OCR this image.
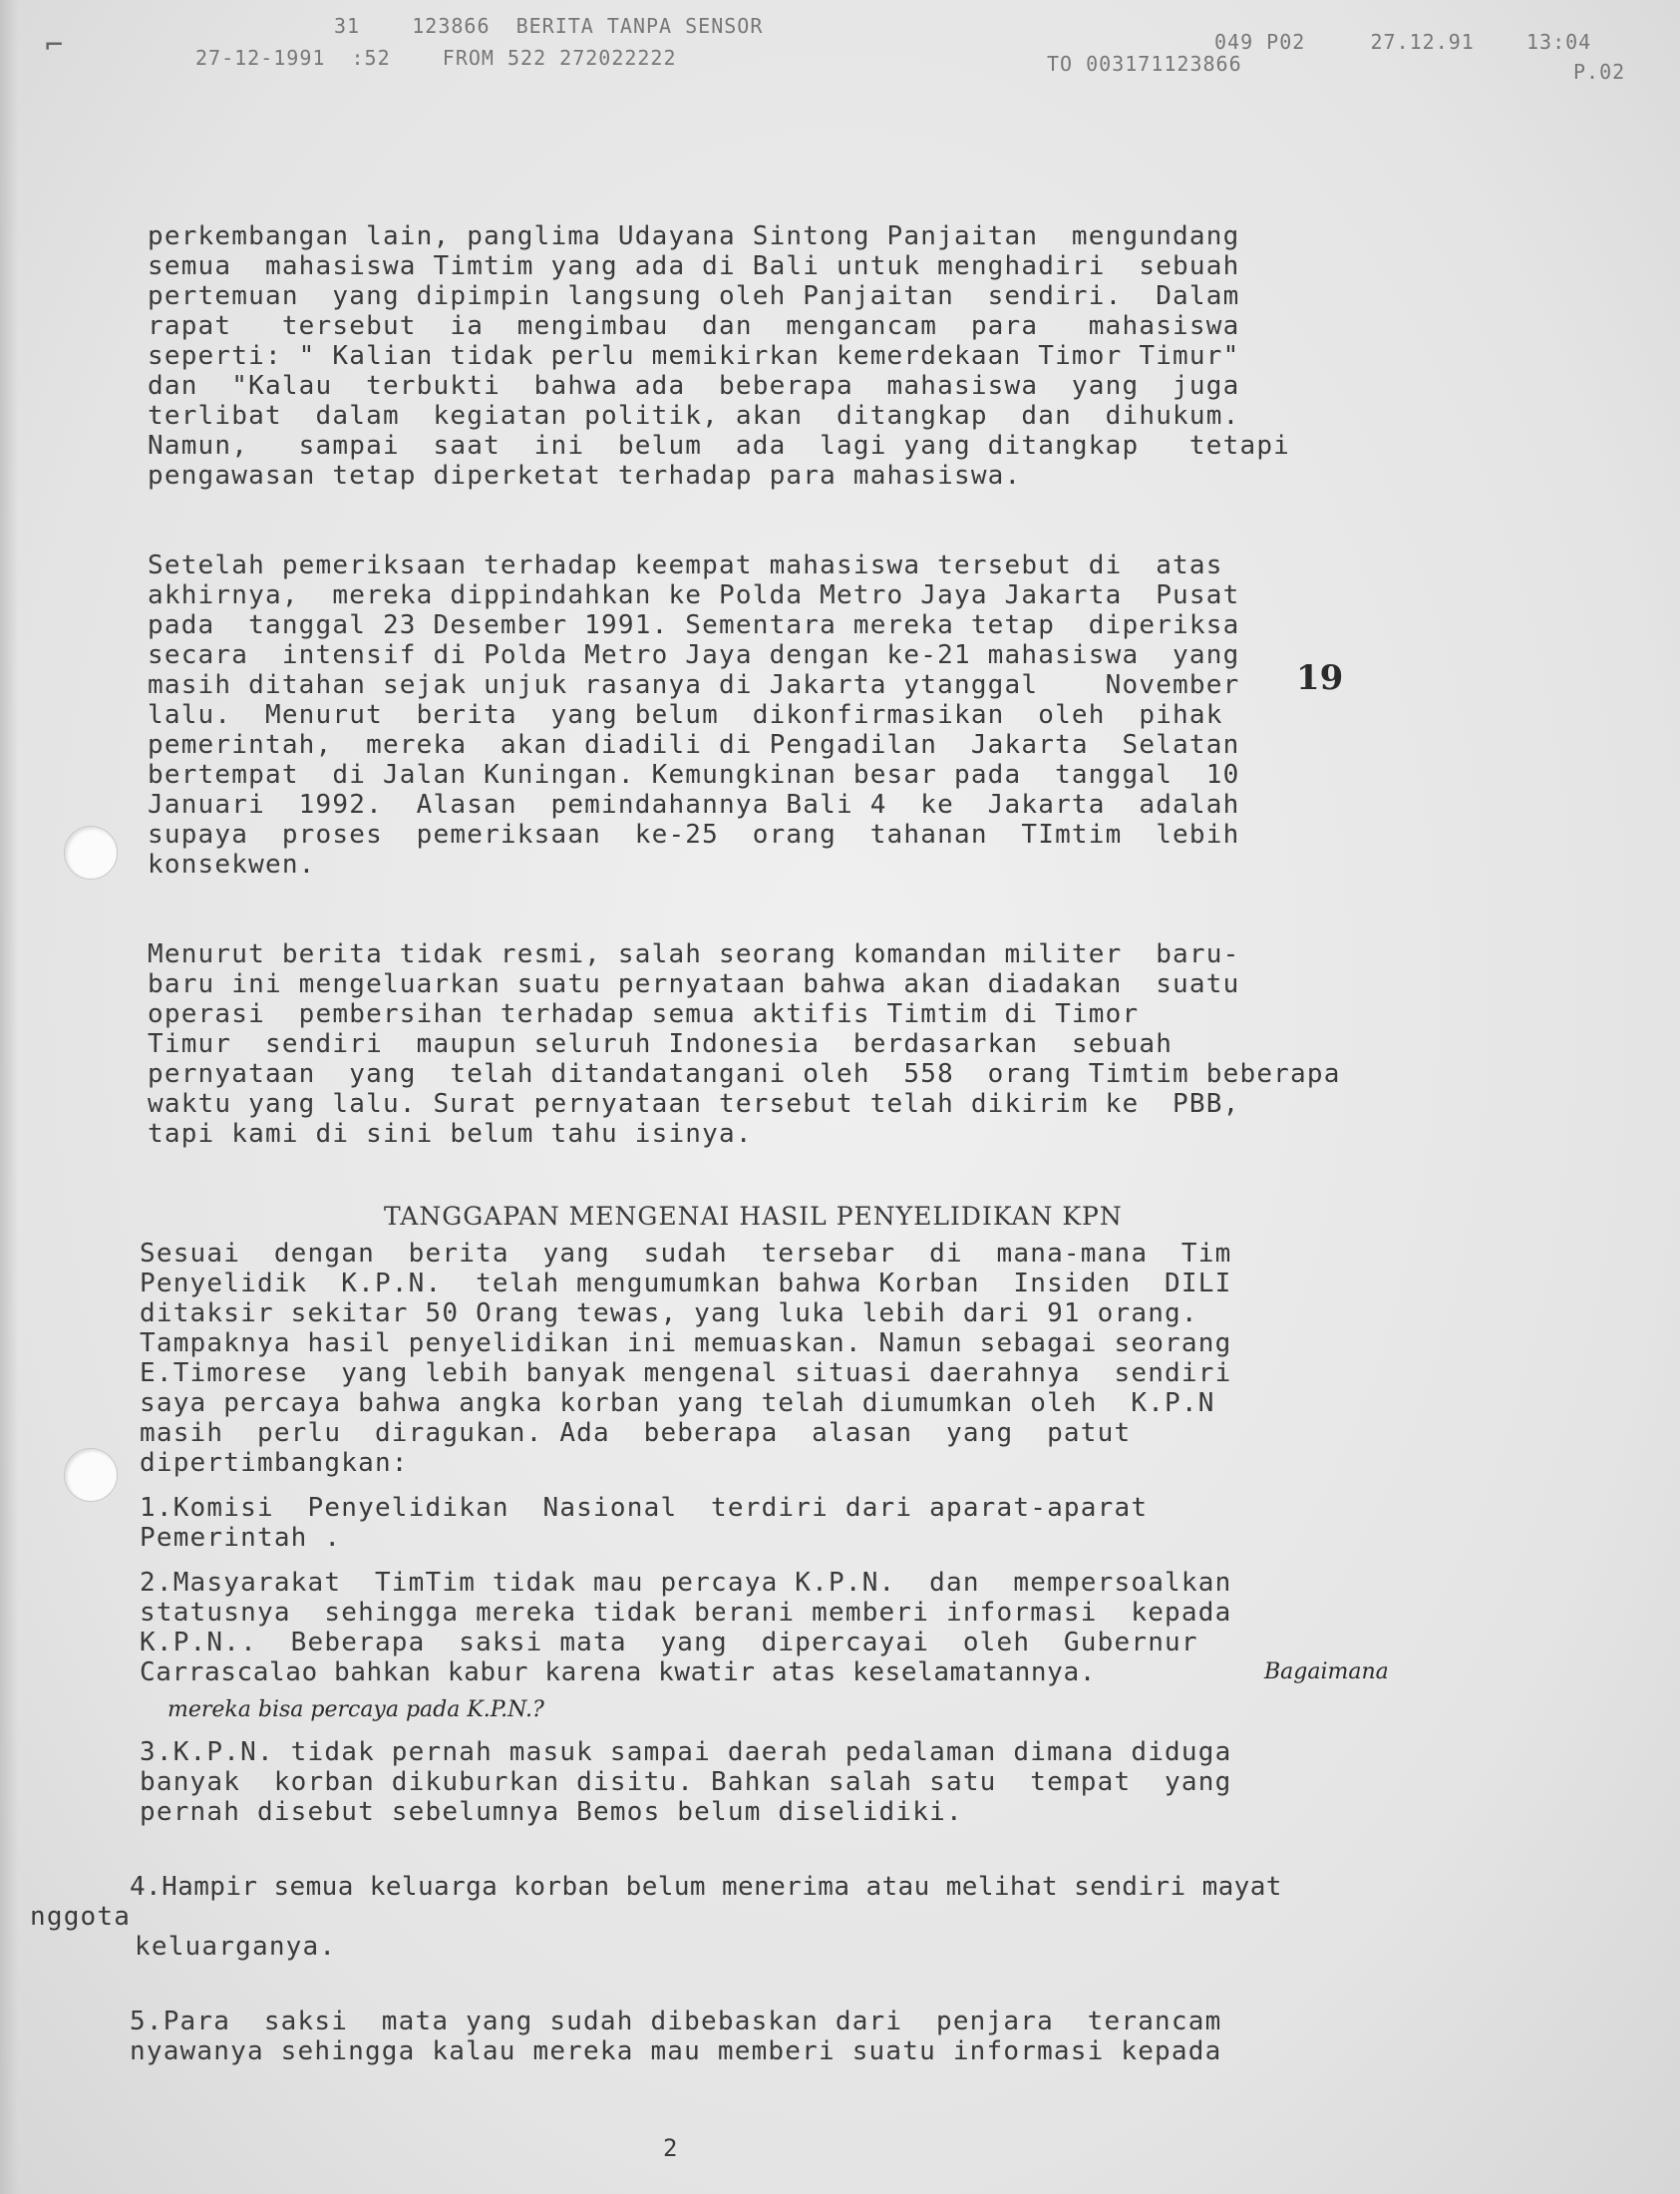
31    123866  BERITA TANPA SENSOR
049 P02     27.12.91    13:04
27-12-1991  :52    FROM 522 272022222	TO 003171123866	P.02
⌐
perkembangan lain, panglima Udayana Sintong Panjaitan  mengundang
semua  mahasiswa Timtim yang ada di Bali untuk menghadiri  sebuah
pertemuan  yang dipimpin langsung oleh Panjaitan  sendiri.  Dalam
rapat   tersebut  ia  mengimbau  dan  mengancam  para   mahasiswa
seperti: " Kalian tidak perlu memikirkan kemerdekaan Timor Timur"
dan  "Kalau  terbukti  bahwa ada  beberapa  mahasiswa  yang  juga
terlibat  dalam  kegiatan politik, akan  ditangkap  dan  dihukum.
Namun,   sampai  saat  ini  belum  ada  lagi yang ditangkap   tetapi
pengawasan tetap diperketat terhadap para mahasiswa.
Setelah pemeriksaan terhadap keempat mahasiswa tersebut di  atas
akhirnya,  mereka dippindahkan ke Polda Metro Jaya Jakarta  Pusat
pada  tanggal 23 Desember 1991. Sementara mereka tetap  diperiksa
secara  intensif di Polda Metro Jaya dengan ke-21 mahasiswa  yang
masih ditahan sejak unjuk rasanya di Jakarta ytanggal    November 19
lalu.  Menurut  berita  yang belum  dikonfirmasikan  oleh  pihak
pemerintah,  mereka  akan diadili di Pengadilan  Jakarta  Selatan
bertempat  di Jalan Kuningan. Kemungkinan besar pada  tanggal  10
Januari  1992.  Alasan  pemindahannya Bali 4  ke  Jakarta  adalah
supaya  proses  pemeriksaan  ke-25  orang  tahanan  TImtim  lebih
konsekwen.
Menurut berita tidak resmi, salah seorang komandan militer  baru-
baru ini mengeluarkan suatu pernyataan bahwa akan diadakan  suatu
operasi  pembersihan terhadap semua aktifis Timtim di Timor
Timur  sendiri  maupun seluruh Indonesia  berdasarkan  sebuah
pernyataan  yang  telah ditandatangani oleh  558  orang Timtim beberapa
waktu yang lalu. Surat pernyataan tersebut telah dikirim ke  PBB,
tapi kami di sini belum tahu isinya.
TANGGAPAN MENGENAI HASIL PENYELIDIKAN KPN
Sesuai  dengan  berita  yang  sudah  tersebar  di  mana-mana  Tim
Penyelidik  K.P.N.  telah mengumumkan bahwa Korban  Insiden  DILI
ditaksir sekitar 50 Orang tewas, yang luka lebih dari 91 orang.
Tampaknya hasil penyelidikan ini memuaskan. Namun sebagai seorang
E.Timorese  yang lebih banyak mengenal situasi daerahnya  sendiri
saya percaya bahwa angka korban yang telah diumumkan oleh  K.P.N
masih  perlu  diragukan. Ada  beberapa  alasan  yang  patut
dipertimbangkan:
1.Komisi  Penyelidikan  Nasional  terdiri dari aparat-aparat
Pemerintah .
2.Masyarakat  TimTim tidak mau percaya K.P.N.  dan  mempersoalkan
statusnya  sehingga mereka tidak berani memberi informasi  kepada
K.P.N..  Beberapa  saksi mata  yang  dipercayai  oleh  Gubernur
Carrascalao bahkan kabur karena kwatir atas keselamatannya.	Bagaimana
mereka bisa percaya pada K.P.N.?
3.K.P.N. tidak pernah masuk sampai daerah pedalaman dimana diduga
banyak  korban dikuburkan disitu. Bahkan salah satu  tempat  yang
pernah disebut sebelumnya Bemos belum diselidiki.
4.Hampir semua keluarga korban belum menerima atau melihat sendiri mayat
nggota
keluarganya.
5.Para  saksi  mata yang sudah dibebaskan dari  penjara  terancam
nyawanya sehingga kalau mereka mau memberi suatu informasi kepada
2
